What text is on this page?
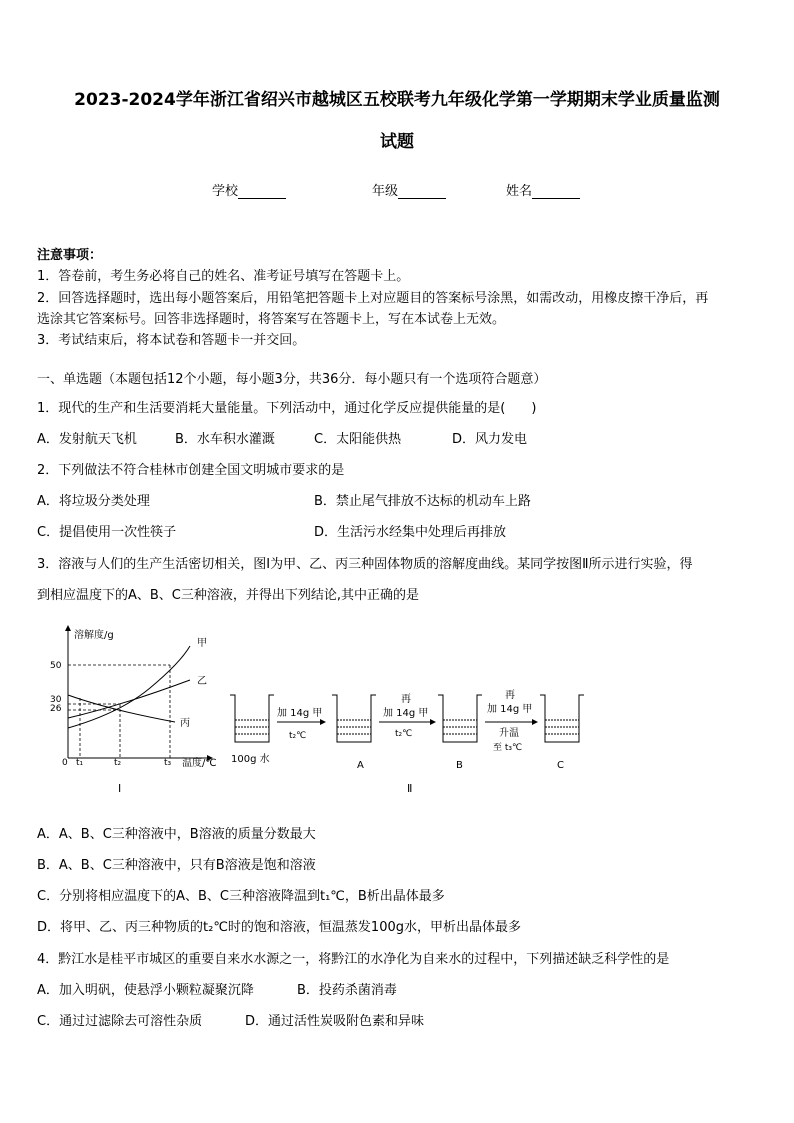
2023-2024学年浙江省绍兴市越城区五校联考九年级化学第一学期期末学业质量监测
试题
学校	年级	姓名
注意事项：
1．答卷前，考生务必将自己的姓名、准考证号填写在答题卡上。
2．回答选择题时，选出每小题答案后，用铅笔把答题卡上对应题目的答案标号涂黑，如需改动，用橡皮擦干净后，再
选涂其它答案标号。回答非选择题时，将答案写在答题卡上，写在本试卷上无效。
3．考试结束后，将本试卷和答题卡一并交回。
一、单选题（本题包括12个小题，每小题3分，共36分．每小题只有一个选项符合题意）
1．现代的生产和生活要消耗大量能量。下列活动中，通过化学反应提供能量的是(　　)
A．发射航天飞机	B．水车积水灌溉	C．太阳能供热	D．风力发电
2．下列做法不符合桂林市创建全国文明城市要求的是
A．将垃圾分类处理	B．禁止尾气排放不达标的机动车上路
C．提倡使用一次性筷子	D．生活污水经集中处理后再排放
3．溶液与人们的生产生活密切相关，图Ⅰ为甲、乙、丙三种固体物质的溶解度曲线。某同学按图Ⅱ所示进行实验，得
到相应温度下的A、B、C三种溶液，并得出下列结论,其中正确的是
溶解度/g
温度/℃
50
30
26
0 t₁	t₂	t₃
甲
乙
丙
Ⅰ
100g 水
加 14g 甲
t₂℃
A
再
加 14g 甲
t₂℃
B
再
加 14g 甲
升温
至 t₃℃
C
Ⅱ
A．A、B、C三种溶液中，B溶液的质量分数最大
B．A、B、C三种溶液中，只有B溶液是饱和溶液
C．分别将相应温度下的A、B、C三种溶液降温到t₁℃，B析出晶体最多
D．将甲、乙、丙三种物质的t₂℃时的饱和溶液，恒温蒸发100g水，甲析出晶体最多
4．黔江水是桂平市城区的重要自来水水源之一，将黔江的水净化为自来水的过程中，下列描述缺乏科学性的是
A．加入明矾，使悬浮小颗粒凝聚沉降	B．投药杀菌消毒
C．通过过滤除去可溶性杂质	D．通过活性炭吸附色素和异味
